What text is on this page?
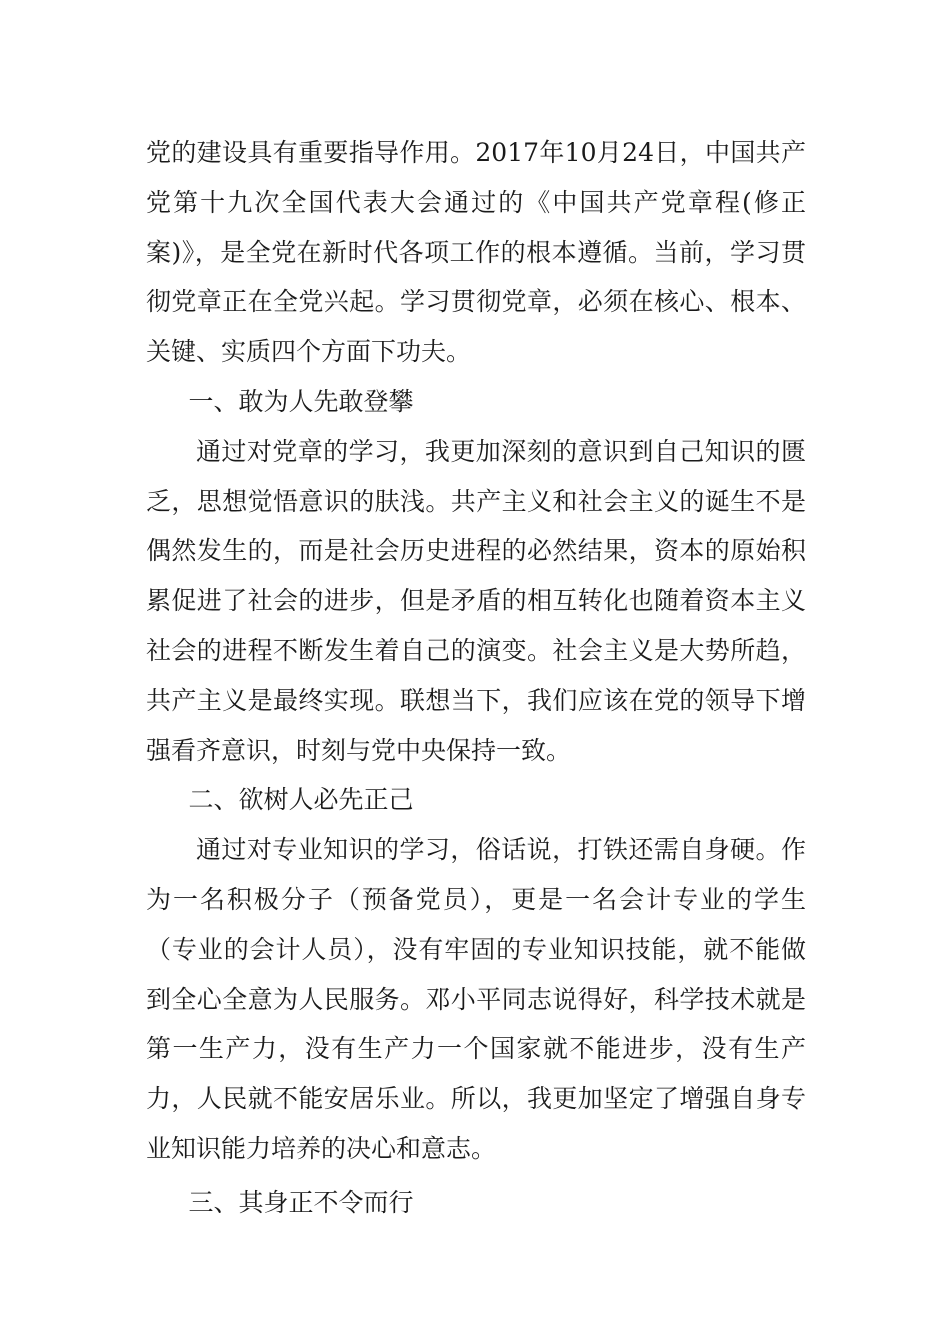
党的建设具有重要指导作用。2017年10月24日，中国共产党第十九次全国代表大会通过的《中国共产党章程(修正案)》，是全党在新时代各项工作的根本遵循。当前，学习贯彻党章正在全党兴起。学习贯彻党章，必须在核心、根本、关键、实质四个方面下功夫。

一、敢为人先敢登攀

通过对党章的学习，我更加深刻的意识到自己知识的匮乏，思想觉悟意识的肤浅。共产主义和社会主义的诞生不是偶然发生的，而是社会历史进程的必然结果，资本的原始积累促进了社会的进步，但是矛盾的相互转化也随着资本主义社会的进程不断发生着自己的演变。社会主义是大势所趋，共产主义是最终实现。联想当下，我们应该在党的领导下增强看齐意识，时刻与党中央保持一致。

二、欲树人必先正己

通过对专业知识的学习，俗话说，打铁还需自身硬。作为一名积极分子（预备党员），更是一名会计专业的学生（专业的会计人员），没有牢固的专业知识技能，就不能做到全心全意为人民服务。邓小平同志说得好，科学技术就是第一生产力，没有生产力一个国家就不能进步，没有生产力，人民就不能安居乐业。所以，我更加坚定了增强自身专业知识能力培养的决心和意志。

三、其身正不令而行
